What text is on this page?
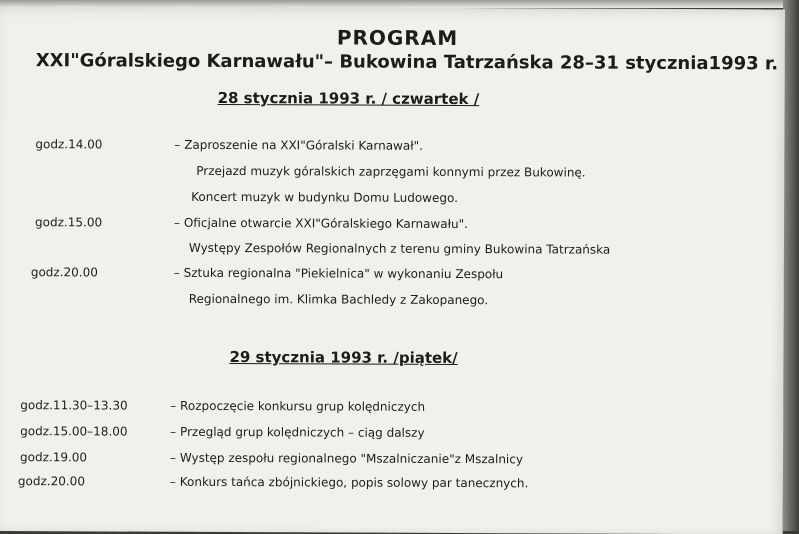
PROGRAM
XXI"Góralskiego Karnawału"– Bukowina Tatrzańska 28–31 stycznia1993 r.
28 stycznia 1993 r. / czwartek /
godz.14.00	– Zaproszenie na XXI"Góralski Karnawał".
Przejazd muzyk góralskich zaprzęgami konnymi przez Bukowinę.
Koncert muzyk w budynku Domu Ludowego.
godz.15.00	– Oficjalne otwarcie XXI"Góralskiego Karnawału".
Występy Zespołów Regionalnych z terenu gminy Bukowina Tatrzańska
godz.20.00	– Sztuka regionalna "Piekielnica" w wykonaniu Zespołu
Regionalnego im. Klimka Bachledy z Zakopanego.
29 stycznia 1993 r. /piątek/
godz.11.30–13.30	– Rozpoczęcie konkursu grup kolędniczych
godz.15.00–18.00	– Przegląd grup kolędniczych – ciąg dalszy
godz.19.00	– Występ zespołu regionalnego "Mszalniczanie"z Mszalnicy
godz.20.00	– Konkurs tańca zbójnickiego, popis solowy par tanecznych.
